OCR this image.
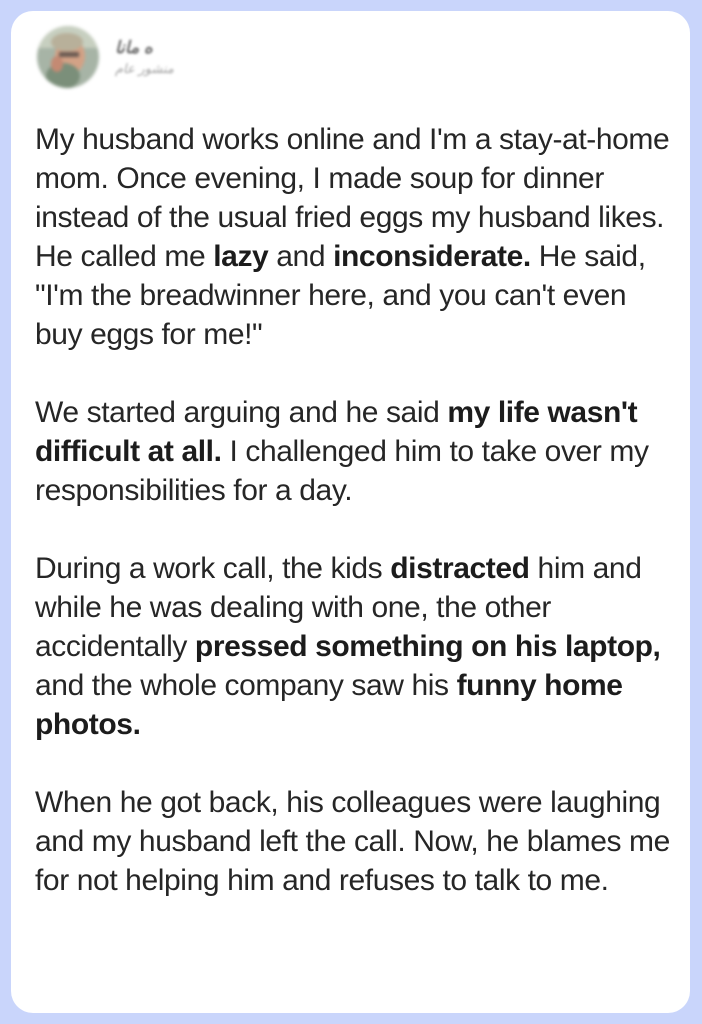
ه ﻣﺎﻧﺎ
ﻣﻨﺸﻮر ﻋﺎم

My husband works online and I'm a stay-at-home mom. Once evening, I made soup for dinner instead of the usual fried eggs my husband likes. He called me lazy and inconsiderate. He said, "I'm the breadwinner here, and you can't even buy eggs for me!"

We started arguing and he said my life wasn't difficult at all. I challenged him to take over my responsibilities for a day.

During a work call, the kids distracted him and while he was dealing with one, the other accidentally pressed something on his laptop, and the whole company saw his funny home photos.

When he got back, his colleagues were laughing and my husband left the call. Now, he blames me for not helping him and refuses to talk to me.
